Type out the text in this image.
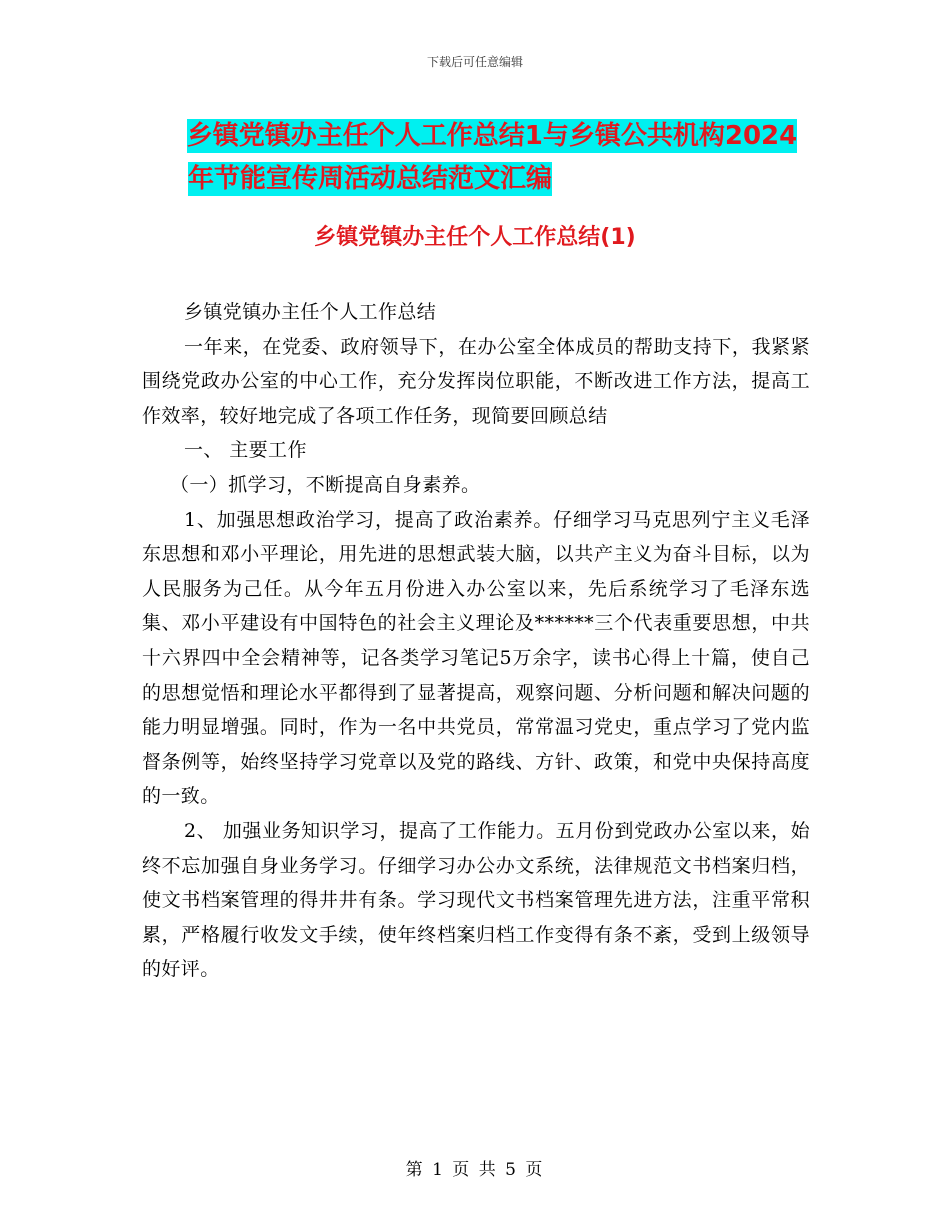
下载后可任意编辑
乡镇党镇办主任个人工作总结1与乡镇公共机构2024
年节能宣传周活动总结范文汇编
乡镇党镇办主任个人工作总结(1)

乡镇党镇办主任个人工作总结

一年来，在党委、政府领导下，在办公室全体成员的帮助支持下，我紧紧围绕党政办公室的中心工作，充分发挥岗位职能，不断改进工作方法，提高工作效率，较好地完成了各项工作任务，现简要回顾总结

一、 主要工作

（一）抓学习，不断提高自身素养。

1、加强思想政治学习，提高了政治素养。仔细学习马克思列宁主义毛泽东思想和邓小平理论，用先进的思想武装大脑，以共产主义为奋斗目标，以为人民服务为己任。从今年五月份进入办公室以来，先后系统学习了毛泽东选集、邓小平建设有中国特色的社会主义理论及******三个代表重要思想，中共十六界四中全会精神等，记各类学习笔记5万余字，读书心得上十篇，使自己的思想觉悟和理论水平都得到了显著提高，观察问题、分析问题和解决问题的能力明显增强。同时，作为一名中共党员，常常温习党史，重点学习了党内监督条例等，始终坚持学习党章以及党的路线、方针、政策，和党中央保持高度的一致。

2、 加强业务知识学习，提高了工作能力。五月份到党政办公室以来，始终不忘加强自身业务学习。仔细学习办公办文系统，法律规范文书档案归档，使文书档案管理的得井井有条。学习现代文书档案管理先进方法，注重平常积累，严格履行收发文手续，使年终档案归档工作变得有条不紊，受到上级领导的好评。

第 1 页 共 5 页
